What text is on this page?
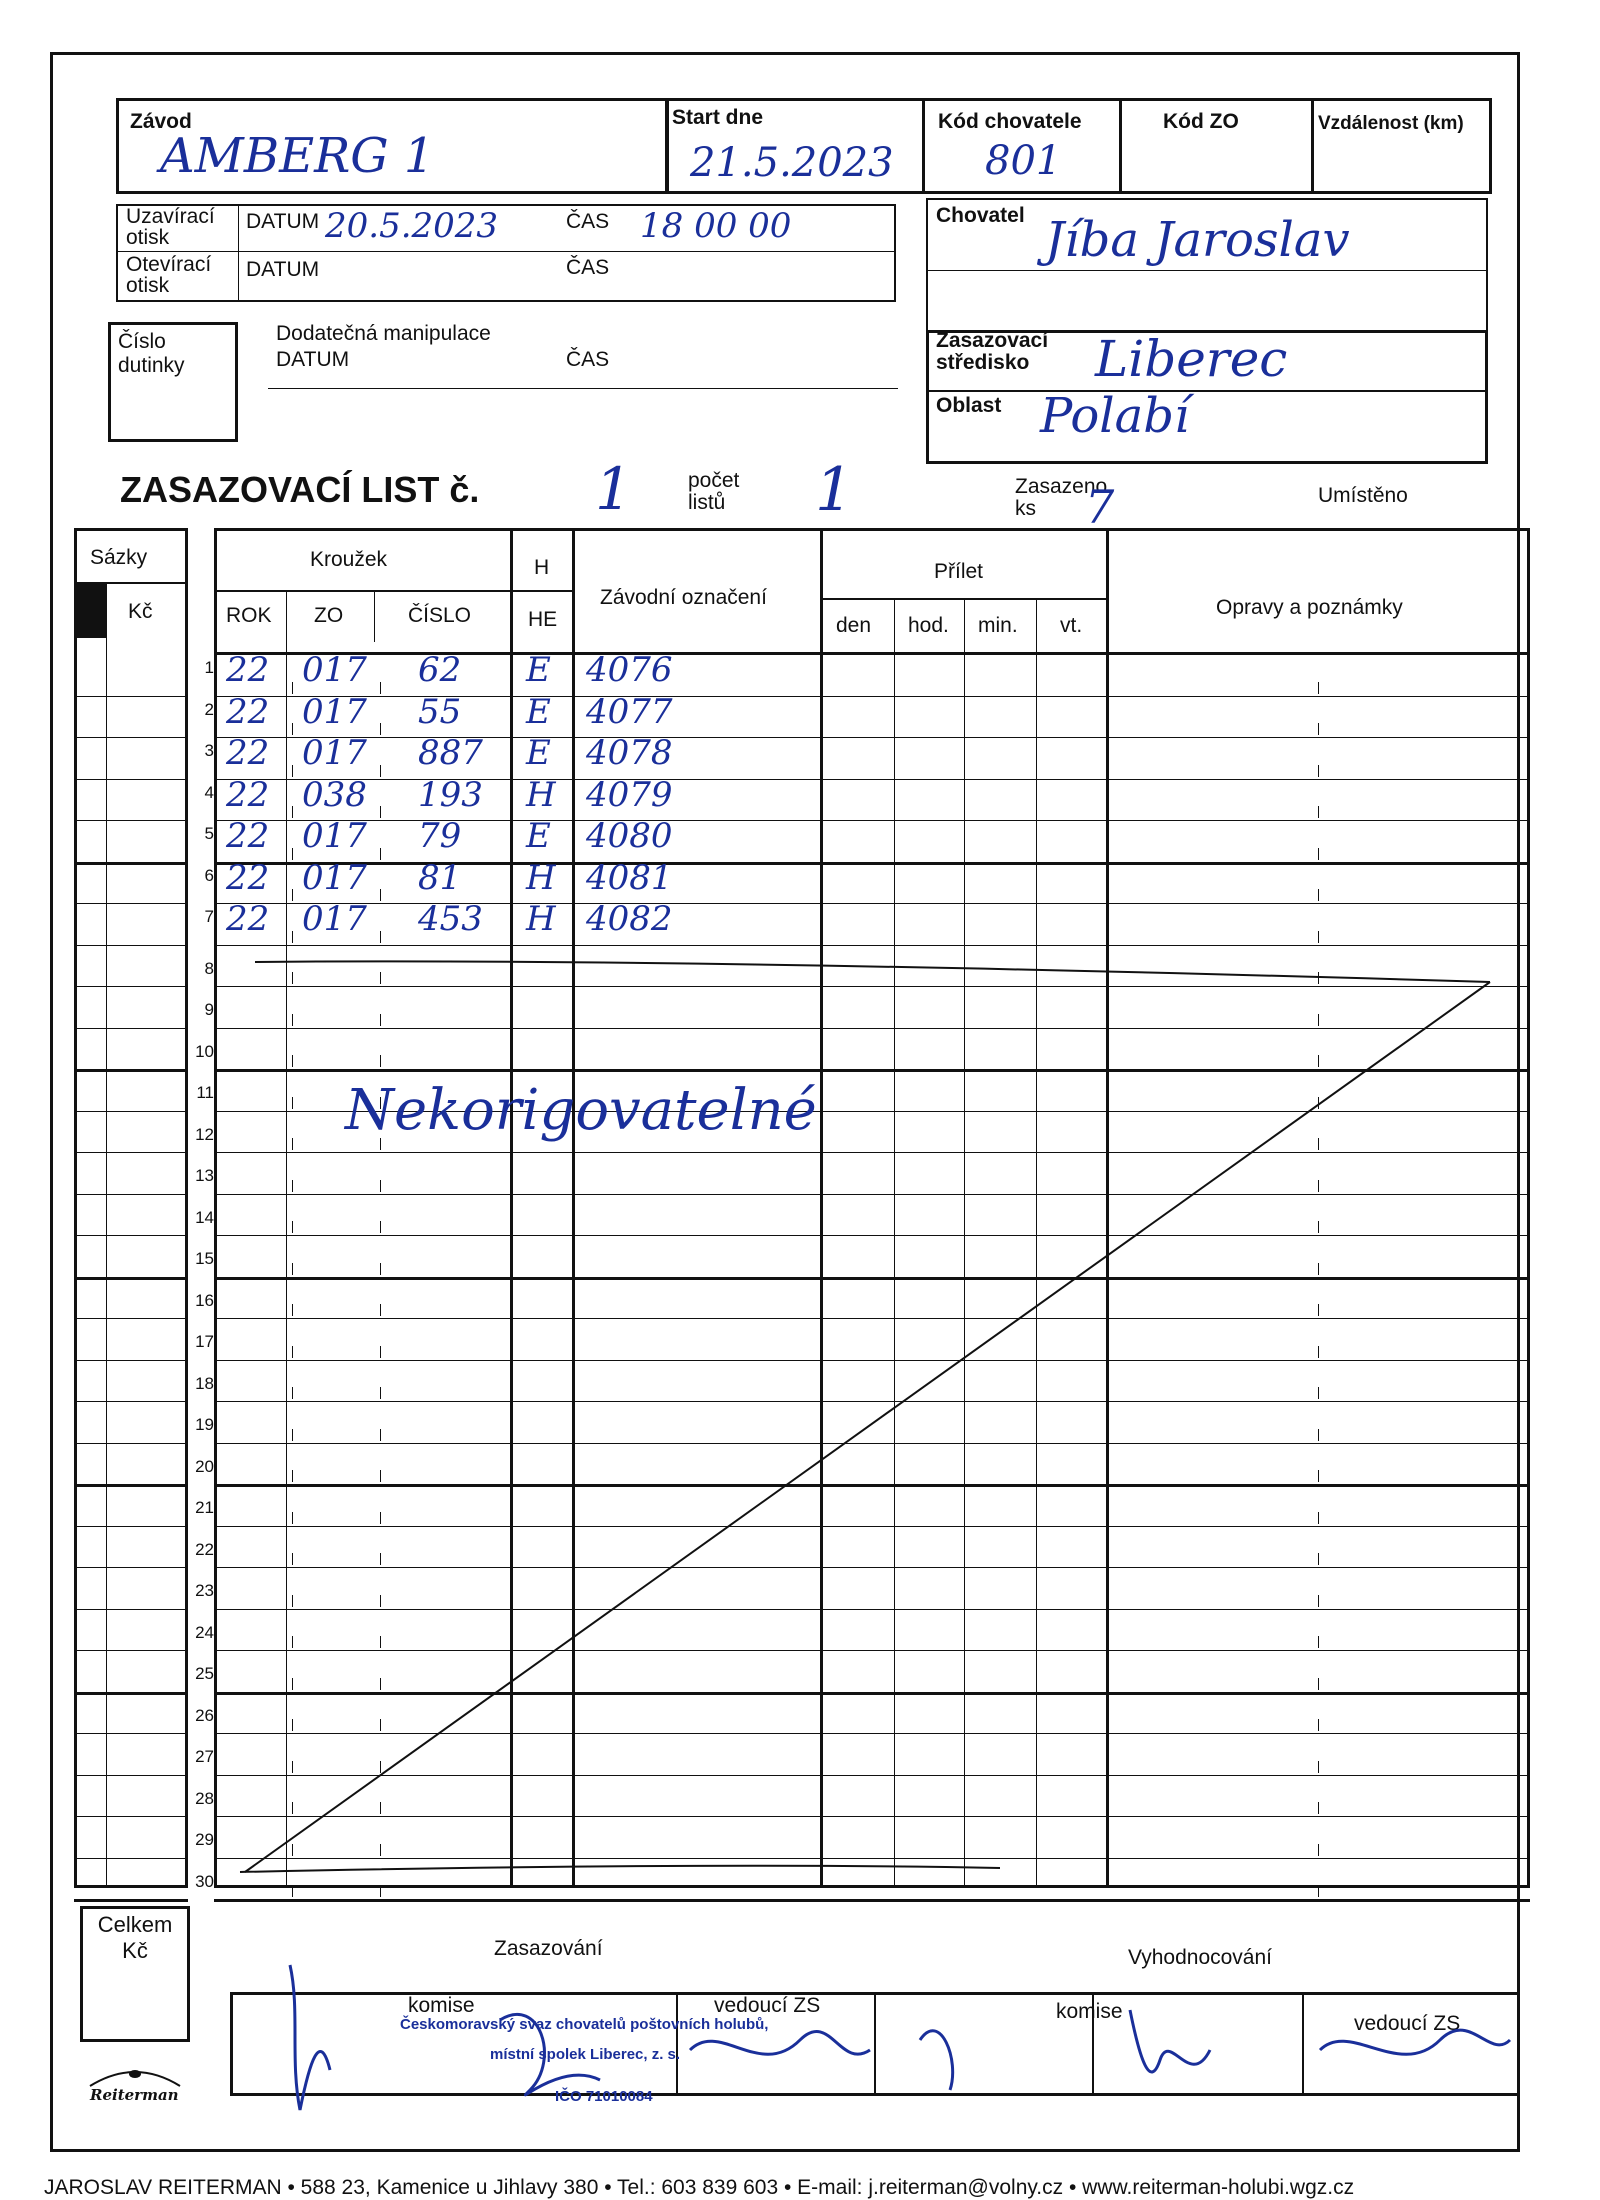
Závod
AMBERG 1
Start dne
21.5.2023
Kód chovatele
801
Kód ZO	Vzdálenost (km)
Uzavírací otisk
DATUM 20.5.2023	ČAS 18 00 00
Otevírací otisk
DATUM	ČAS
Chovatel Jíba Jaroslav
Číslo dutinky
Dodatečná manipulace
DATUM	ČAS
Zasazovací středisko	Liberec
Oblast Polabí
ZASAZOVACÍ LIST č. 1	počet listů	1	Zasazeno ks	7	Umístěno
Sázky
Kč
Kroužek
ROK ZO	ČÍSLO
H
HE
Závodní označení
Přílet
den hod. min. vt.
Opravy a poznámky
1 22 017 62 E 4076
2 22 017 55 E 4077
3 22 017 887 E 4078
4 22 038 193 H 4079
5 22 017 79 E 4080
6 22 017 81 H 4081
7 22 017 453 H 4082
8
9
10
11
12
13
14
15
16
17
18
19
20
21
22
23
24
25
26
27
28
29
30
Nekorigovatelné
Celkem Kč	Zasazování	Vyhodnocování
komise	vedoucí ZS	komise
vedoucí ZS
Českomoravský svaz chovatelů poštovních holubů,
místní spolek Liberec, z. s.
IČO 71010084
Reiterman
JAROSLAV REITERMAN • 588 23, Kamenice u Jihlavy 380 • Tel.: 603 839 603 • E-mail: j.reiterman@volny.cz • www.reiterman-holubi.wgz.cz
